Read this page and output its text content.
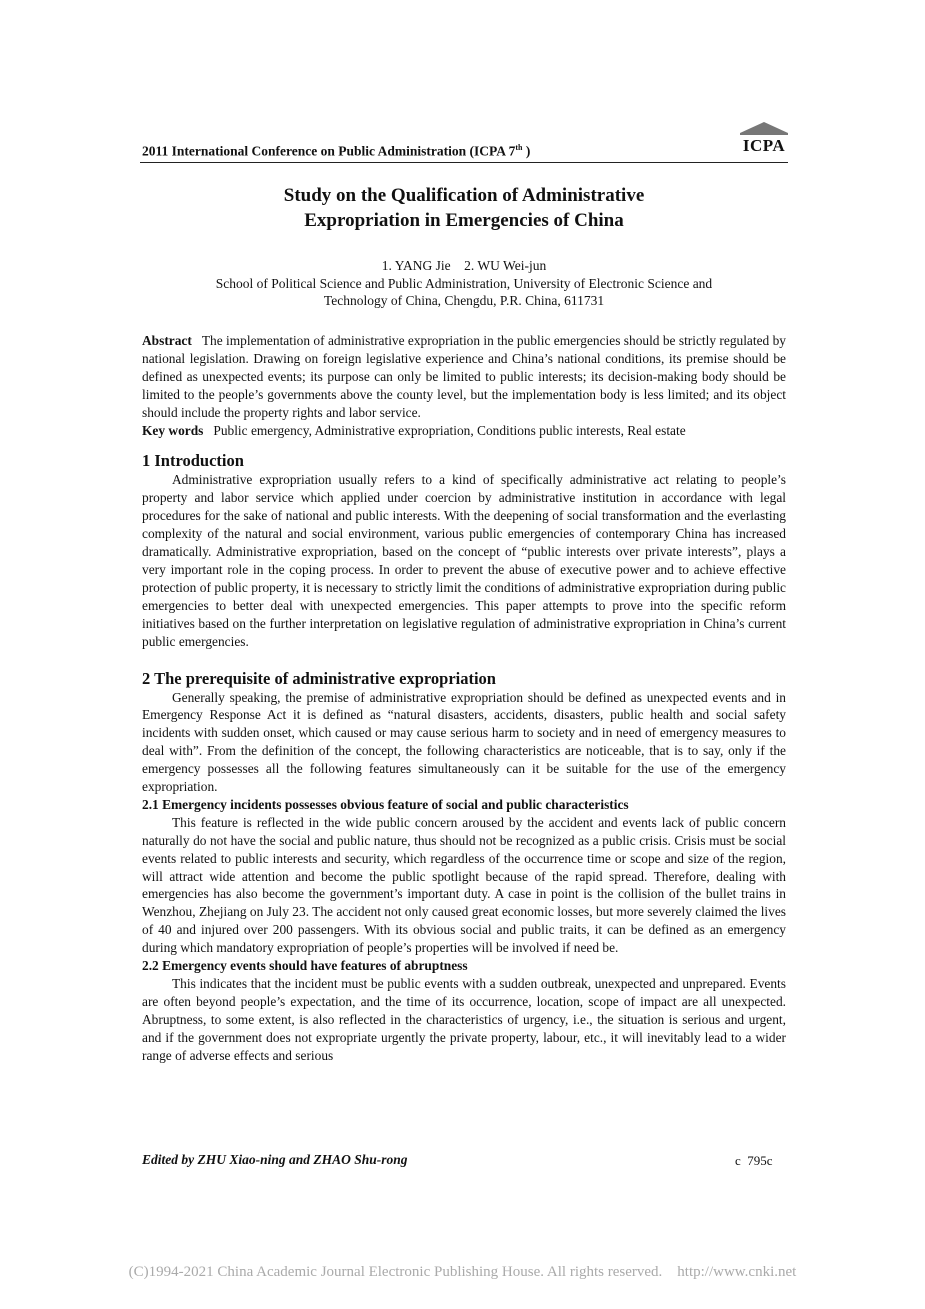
2011 International Conference on Public Administration (ICPA 7th )	ICPA
Study on the Qualification of Administrative
Expropriation in Emergencies of China
1. YANG Jie    2. WU Wei-jun
School of Political Science and Public Administration, University of Electronic Science and
Technology of China, Chengdu, P.R. China, 611731

Abstract The implementation of administrative expropriation in the public emergencies should be strictly regulated by national legislation. Drawing on foreign legislative experience and China’s national conditions, its premise should be defined as unexpected events; its purpose can only be limited to public interests; its decision-making body should be limited to the people’s governments above the county level, but the implementation body is less limited; and its object should include the property rights and labor service.

Key words Public emergency, Administrative expropriation, Conditions public interests, Real estate

1 Introduction

Administrative expropriation usually refers to a kind of specifically administrative act relating to people’s property and labor service which applied under coercion by administrative institution in accordance with legal procedures for the sake of national and public interests. With the deepening of social transformation and the everlasting complexity of the natural and social environment, various public emergencies of contemporary China has increased dramatically. Administrative expropriation, based on the concept of “public interests over private interests”, plays a very important role in the coping process. In order to prevent the abuse of executive power and to achieve effective protection of public property, it is necessary to strictly limit the conditions of administrative expropriation during public emergencies to better deal with unexpected emergencies. This paper attempts to prove into the specific reform initiatives based on the further interpretation on legislative regulation of administrative expropriation in China’s current public emergencies.

2 The prerequisite of administrative expropriation

Generally speaking, the premise of administrative expropriation should be defined as unexpected events and in Emergency Response Act it is defined as “natural disasters, accidents, disasters, public health and social safety incidents with sudden onset, which caused or may cause serious harm to society and in need of emergency measures to deal with”. From the definition of the concept, the following characteristics are noticeable, that is to say, only if the emergency possesses all the following features simultaneously can it be suitable for the use of the emergency expropriation.

2.1 Emergency incidents possesses obvious feature of social and public characteristics

This feature is reflected in the wide public concern aroused by the accident and events lack of public concern naturally do not have the social and public nature, thus should not be recognized as a public crisis. Crisis must be social events related to public interests and security, which regardless of the occurrence time or scope and size of the region, will attract wide attention and become the public spotlight because of the rapid spread. Therefore, dealing with emergencies has also become the government’s important duty. A case in point is the collision of the bullet trains in Wenzhou, Zhejiang on July 23. The accident not only caused great economic losses, but more severely claimed the lives of 40 and injured over 200 passengers. With its obvious social and public traits, it can be defined as an emergency during which mandatory expropriation of people’s properties will be involved if need be.

2.2 Emergency events should have features of abruptness

This indicates that the incident must be public events with a sudden outbreak, unexpected and unprepared. Events are often beyond people’s expectation, and the time of its occurrence, location, scope of impact are all unexpected. Abruptness, to some extent, is also reflected in the characteristics of urgency, i.e., the situation is serious and urgent, and if the government does not expropriate urgently the private property, labour, etc., it will inevitably lead to a wider range of adverse effects and serious

Edited by ZHU Xiao-ning and ZHAO Shu-rong	c  795c
(C)1994-2021 China Academic Journal Electronic Publishing House. All rights reserved.    http://www.cnki.net
